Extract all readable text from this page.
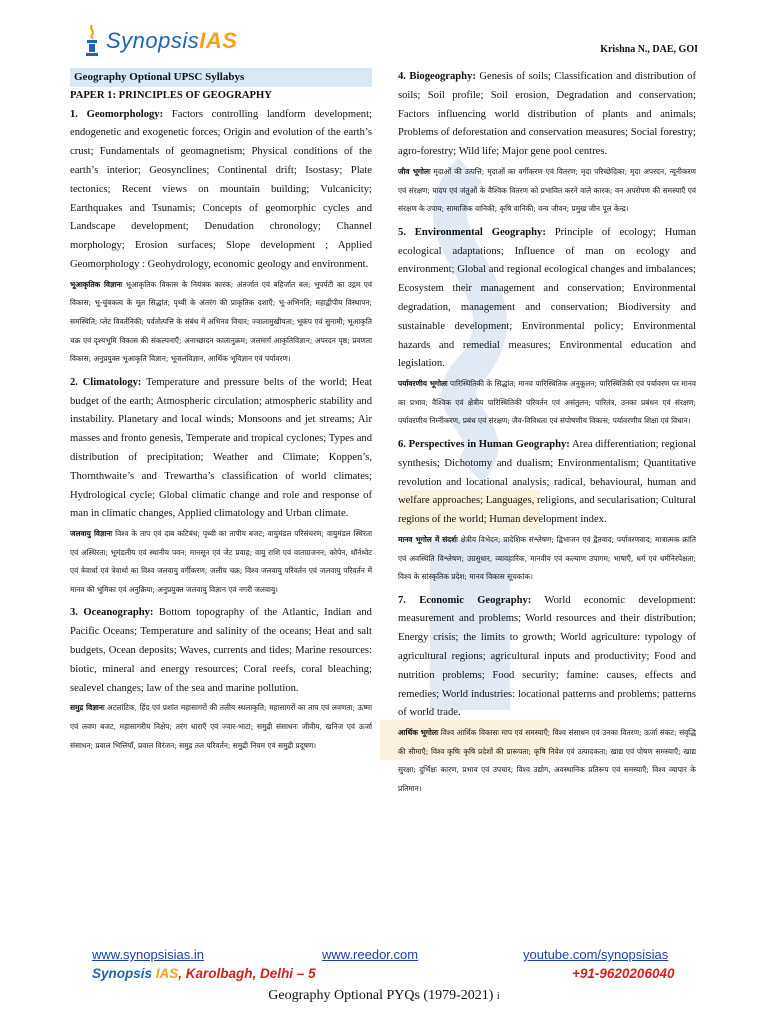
SynopsisIAS	Krishna N., DAE, GOI
Geography Optional UPSC Syllabys
PAPER 1: PRINCIPLES OF GEOGRAPHY

1. Geomorphology: Factors controlling landform development; endogenetic and exogenetic forces; Origin and evolution of the earth’s crust; Fundamentals of geomagnetism; Physical conditions of the earth’s interior; Geosynclines; Continental drift; Isostasy; Plate tectonics; Recent views on mountain building; Vulcanicity; Earthquakes and Tsunamis; Concepts of geomorphic cycles and Landscape development; Denudation chronology; Channel morphology; Erosion surfaces; Slope development ; Applied Geomorphology : Geohydrology, economic geology and environment.

भूआकृतिक विज्ञानः भूआकृतिक विकास के नियंत्रक कारक; अंतर्जात एवं बहिर्जात बल; भूपर्पटी का उद्गम एवं विकास; भू-चुंबकत्व के मूल सिद्धांत; पृथ्वी के अंतरंग की प्राकृतिक दशाएँ; भू-अभिनति; महाद्वीपीय विस्थापन; समस्थिति; प्लेट विवर्तनिकी; पर्वतोत्पत्ति के संबंध में अभिनव विचार; ज्वालामुखीयता; भूकंप एवं सुनामी; भूआकृति चक्र एवं दृश्यभूमि विकास की संकल्पनाएँ; अनाच्छादन कालानुक्रम; जलमार्ग आकृतिविज्ञान; अपरदन पृष्ठ; प्रवणता विकास; अनुप्रयुक्त भूआकृति विज्ञान; भूजलविज्ञान, आर्थिक भूविज्ञान एवं पर्यावरण।

2. Climatology: Temperature and pressure belts of the world; Heat budget of the earth; Atmospheric circulation; atmospheric stability and instability. Planetary and local winds; Monsoons and jet streams; Air masses and fronto genesis, Temperate and tropical cyclones; Types and distribution of precipitation; Weather and Climate; Koppen’s, Thornthwaite’s and Trewartha’s classification of world climates; Hydrological cycle; Global climatic change and role and response of man in climatic changes, Applied climatology and Urban climate.

जलवायु विज्ञानः विश्व के ताप एवं दाब कटिबंध; पृथ्वी का तापीय बजट; वायुमंडल परिसंचरण; वायुमंडल स्थिरता एवं अस्थिरता; भूमंडलीय एवं स्थानीय पवन; मानसून एवं जेट प्रवाह; वायु राशि एवं वाताग्रजनन; कोपेन, थॉर्नथ्वेट एवं त्रेवार्था एवं त्रेवार्था का विश्व जलवायु वर्गीकरण; जलीय चक्र; विश्व जलवायु परिवर्तन एवं जलवायु परिवर्तन में मानव की भूमिका एवं अनुक्रिया; अनुप्रयुक्त जलवायु विज्ञान एवं नगरी जलवायु।

3. Oceanography: Bottom topography of the Atlantic, Indian and Pacific Oceans; Temperature and salinity of the oceans; Heat and salt budgets, Ocean deposits; Waves, currents and tides; Marine resources: biotic, mineral and energy resources; Coral reefs, coral bleaching; sealevel changes; law of the sea and marine pollution.

समुद्र विज्ञानः अटलांटिक, हिंद एवं प्रशांत महासागरों की तलीय स्थलाकृति; महासागरों का ताप एवं लवणता; ऊष्मा एवं लवण बजट, महासागरीय निक्षेप; तरंग धाराएँ एवं ज्वार-भाटा; समुद्री संसाधनः जीवीय, खनिज एवं ऊर्जा संसाधन; प्रवाल भित्तियाँ, प्रवाल विरंजन; समुद्र तल परिवर्तन; समुद्री नियम एवं समुद्री प्रदूषण।

4. Biogeography: Genesis of soils; Classification and distribution of soils; Soil profile; Soil erosion, Degradation and conservation; Factors influencing world distribution of plants and animals; Problems of deforestation and conservation measures; Social forestry; agro-forestry; Wild life; Major gene pool centres.

जीव भूगोलः मृदाओं की उत्पत्ति; मृदाओं का वर्गीकरण एवं वितरण; मृदा परिच्छेदिका; मृदा अपरदन, न्यूनीकरण एवं संरक्षण; पादप एवं जंतुओं के वैश्विक वितरण को प्रभावित करने वाले कारक; वन अपरोपण की समस्याएँ एवं संरक्षण के उपाय; सामाजिक वानिकी; कृषि वानिकी; वन्य जीवन; प्रमुख जीन पूल केन्द्र।

5. Environmental Geography: Principle of ecology; Human ecological adaptations; Influence of man on ecology and environment; Global and regional ecological changes and imbalances; Ecosystem their management and conservation; Environmental degradation, management and conservation; Biodiversity and sustainable development; Environmental policy; Environmental hazards and remedial measures; Environmental education and legislation.

पर्यावरणीय भूगोलः पारिस्थितिकी के सिद्धांत; मानव पारिस्थितिक अनुकूलन; पारिस्थितिकी एवं पर्यावरण पर मानव का प्रभाव; वैश्विक एवं क्षेत्रीय पारिस्थितिकी परिवर्तन एवं असंतुलन; पारितंत्र, उनका प्रबंधन एवं संरक्षण; पर्यावरणीय निम्नीकरण, प्रबंध एवं संरक्षण; जैव-विविधता एवं संपोषणीय विकास; पर्यावरणीय शिक्षा एवं विधान।

6. Perspectives in Human Geography: Area differentiation; regional synthesis; Dichotomy and dualism; Environmentalism; Quantitative revolution and locational analysis; radical, behavioural, human and welfare approaches; Languages, religions, and secularisation; Cultural regions of the world; Human development index.

मानव भूगोल में संदर्शः क्षेत्रीय विभेदन; प्रादेशिक संश्लेषण; द्विभाजन एवं द्वैतवाद; पर्यावरणवाद; मात्रात्मक क्रांति एवं अवस्थिति विश्लेषण; उग्रसुधार, व्यावहारिक, मानवीय एवं कल्याण उपागम; भाषाएँ, धर्म एवं धर्मनिरपेक्षता; विश्व के सांस्कृतिक प्रदेश; मानव विकास सूचकांक।

7. Economic Geography: World economic development: measurement and problems; World resources and their distribution; Energy crisis; the limits to growth; World agriculture: typology of agricultural regions; agricultural inputs and productivity; Food and nutrition problems; Food security; famine: causes, effects and remedies; World industries: locational patterns and problems; patterns of world trade.

आर्थिक भूगोलः विश्व आर्थिक विकासः माप एवं समस्याएँ; विश्व संसाधन एवं उनका वितरण; ऊर्जा संकट; संवृद्धि की सीमाएँ; विश्व कृषिः कृषि प्रदेशों की प्रारूपता; कृषि निवेश एवं उत्पादकता; खाद्य एवं पोषण समस्याएँ; खाद्य सुरक्षा; दुर्भिक्षः कारण, प्रभाव एवं उपचार; विश्व उद्योग, अवस्थानिक प्रतिरूप एवं समस्याएँ; विश्व व्यापार के प्रतिमान।

www.synopsisias.in	www.reedor.com	youtube.com/synopsisias
Synopsis IAS, Karolbagh, Delhi – 5	+91-9620206040
Geography Optional PYQs (1979-2021) i
